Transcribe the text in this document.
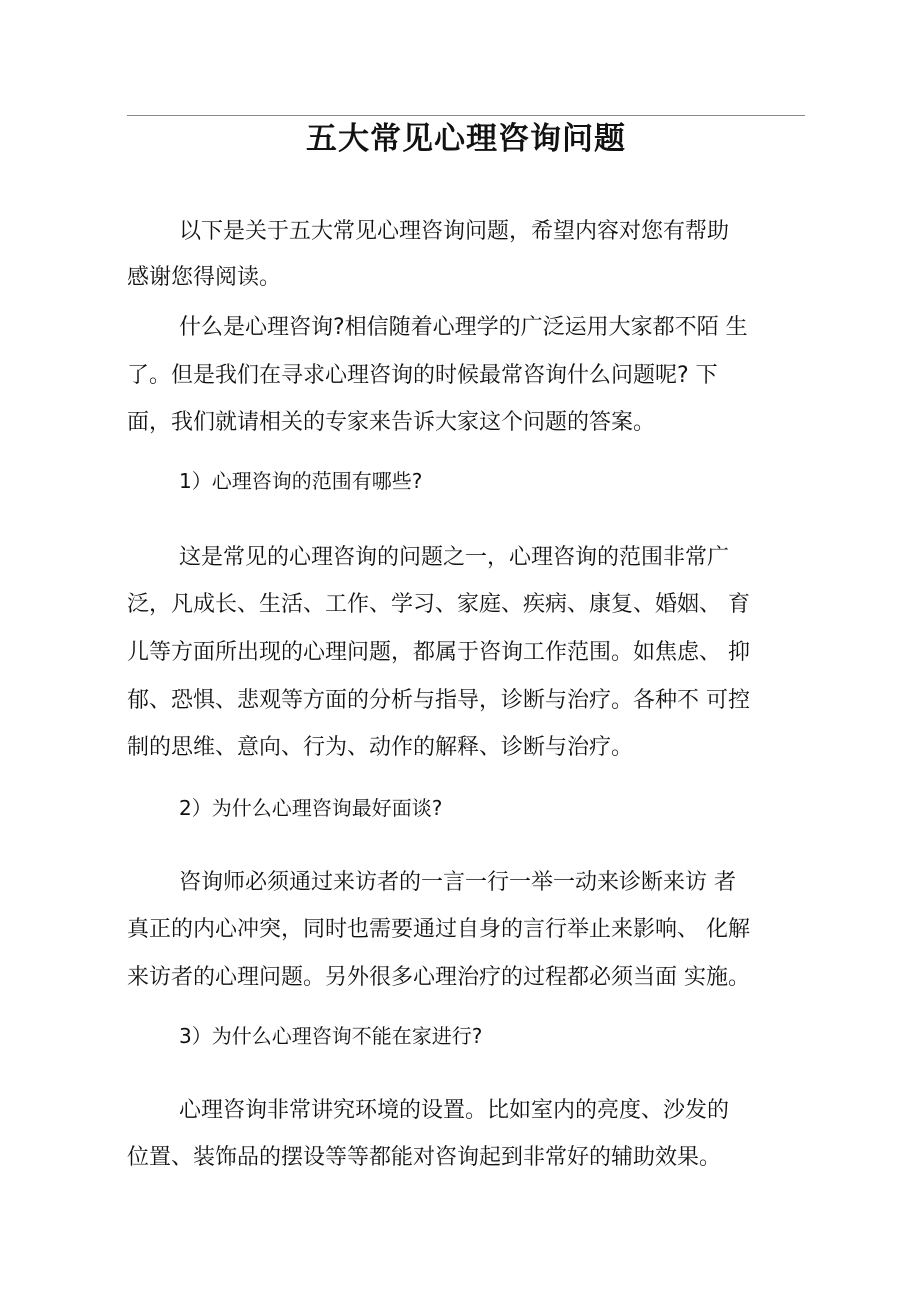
五大常见心理咨询问题
以下是关于五大常见心理咨询问题，希望内容对您有帮助
感谢您得阅读。
什么是心理咨询?相信随着心理学的广泛运用大家都不陌 生
了。但是我们在寻求心理咨询的时候最常咨询什么问题呢? 下
面，我们就请相关的专家来告诉大家这个问题的答案。
1）心理咨询的范围有哪些?
这是常见的心理咨询的问题之一，心理咨询的范围非常广
泛，凡成长、生活、工作、学习、家庭、疾病、康复、婚姻、 育
儿等方面所出现的心理问题，都属于咨询工作范围。如焦虑、 抑
郁、恐惧、悲观等方面的分析与指导，诊断与治疗。各种不 可控
制的思维、意向、行为、动作的解释、诊断与治疗。
2）为什么心理咨询最好面谈?
咨询师必须通过来访者的一言一行一举一动来诊断来访 者
真正的内心冲突，同时也需要通过自身的言行举止来影响、 化解
来访者的心理问题。另外很多心理治疗的过程都必须当面 实施。
3）为什么心理咨询不能在家进行?
心理咨询非常讲究环境的设置。比如室内的亮度、沙发的
位置、装饰品的摆设等等都能对咨询起到非常好的辅助效果。
